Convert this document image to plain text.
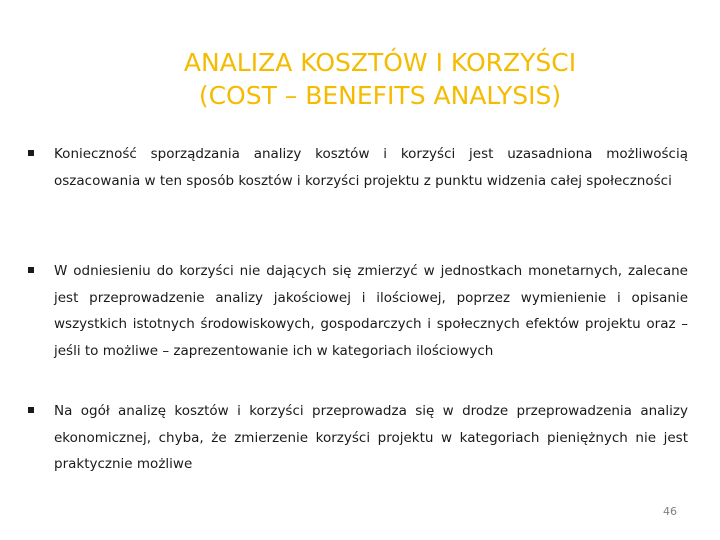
ANALIZA KOSZTÓW I KORZYŚCI
(COST – BENEFITS ANALYSIS)
Konieczność sporządzania analizy kosztów i korzyści jest uzasadniona możliwością oszacowania w ten sposób kosztów i korzyści projektu z punktu widzenia całej społeczności
W odniesieniu do korzyści nie dających się zmierzyć w jednostkach monetarnych, zalecane jest przeprowadzenie analizy jakościowej i ilościowej, poprzez wymienienie i opisanie wszystkich istotnych środowiskowych, gospodarczych i społecznych efektów projektu oraz – jeśli to możliwe – zaprezentowanie ich w kategoriach ilościowych
Na ogół analizę kosztów i korzyści przeprowadza się w drodze przeprowadzenia analizy ekonomicznej, chyba, że zmierzenie korzyści projektu w kategoriach pieniężnych nie jest praktycznie możliwe
46
